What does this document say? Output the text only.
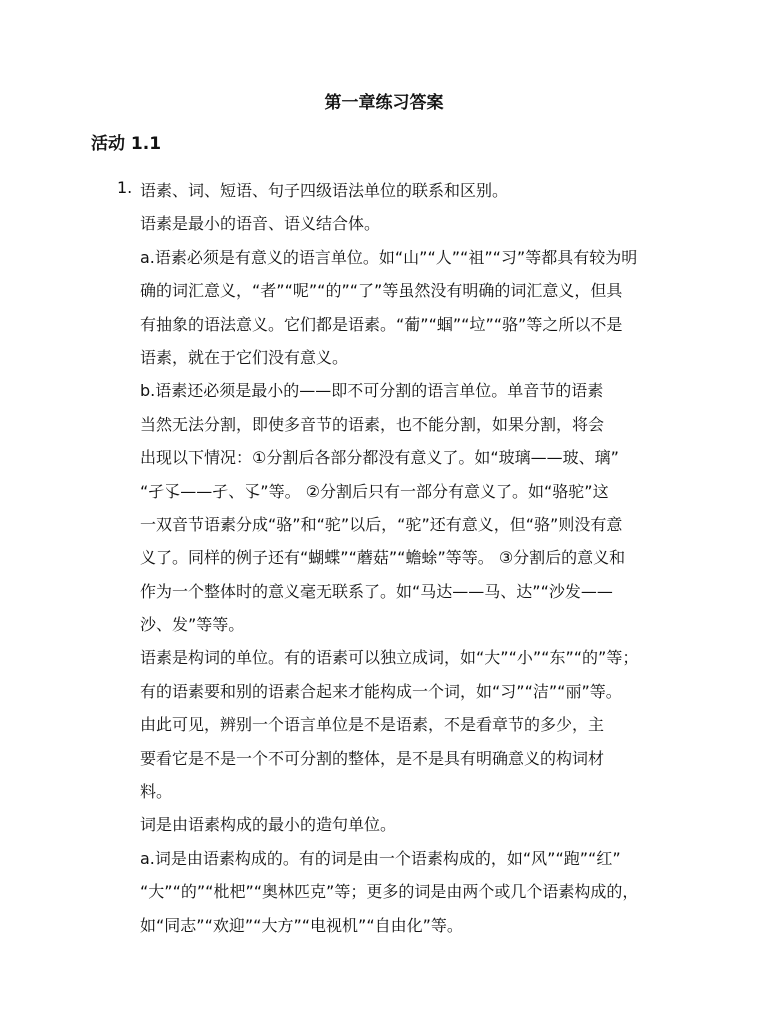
第一章练习答案
活动 1.1
1. 语素、词、短语、句子四级语法单位的联系和区别。
语素是最小的语音、语义结合体。
a.语素必须是有意义的语言单位。如“山”“人”“祖”“习”等都具有较为明
确的词汇意义，“者”“呢”“的”“了”等虽然没有明确的词汇意义，但具
有抽象的语法意义。它们都是语素。“葡”“蝈”“垃”“骆”等之所以不是
语素，就在于它们没有意义。
b.语素还必须是最小的——即不可分割的语言单位。单音节的语素
当然无法分割，即使多音节的语素，也不能分割，如果分割，将会
出现以下情况：①分割后各部分都没有意义了。如“玻璃——玻、璃”
“孑孓——孑、孓”等。 ②分割后只有一部分有意义了。如“骆驼”这
一双音节语素分成“骆”和“驼”以后，“驼”还有意义，但“骆”则没有意
义了。同样的例子还有“蝴蝶”“蘑菇”“蟾蜍”等等。 ③分割后的意义和
作为一个整体时的意义毫无联系了。如“马达——马、达”“沙发——
沙、发”等等。
语素是构词的单位。有的语素可以独立成词，如“大”“小”“东”“的”等；
有的语素要和别的语素合起来才能构成一个词，如“习”“洁”“丽”等。
由此可见，辨别一个语言单位是不是语素，不是看章节的多少，主
要看它是不是一个不可分割的整体，是不是具有明确意义的构词材
料。
词是由语素构成的最小的造句单位。
a.词是由语素构成的。有的词是由一个语素构成的，如“风”“跑”“红”
“大”“的”“枇杷”“奥林匹克”等；更多的词是由两个或几个语素构成的，
如“同志”“欢迎”“大方”“电视机”“自由化”等。
